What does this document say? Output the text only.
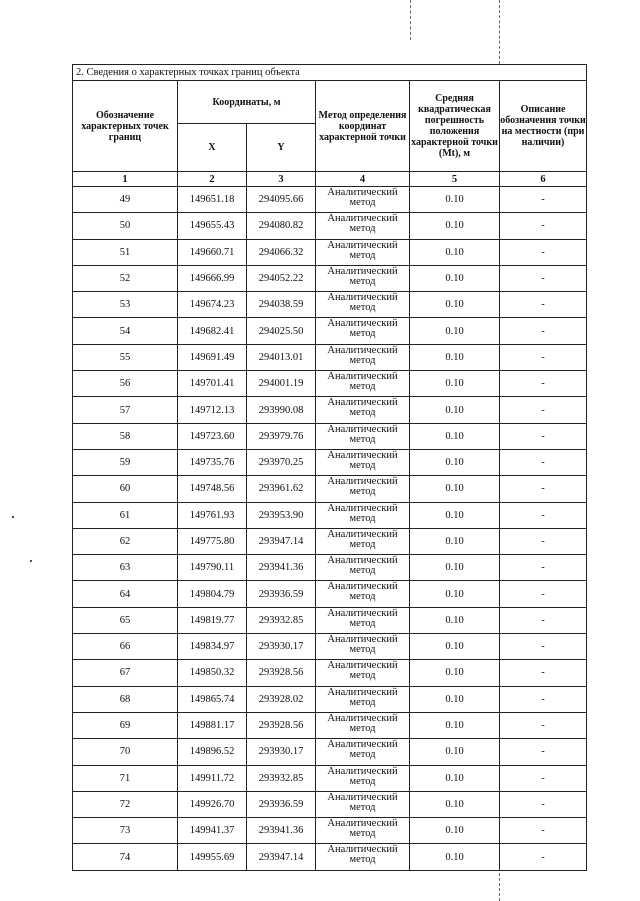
2. Сведения о характерных точках границ объекта					
Обозначение характерных точек границ	Координаты, м		Метод определения координат характерной точки	Средняя квадратическая погрешность положения характерной точки (Mt), м	Описание обозначения точки на местности (при наличии)
	X	Y			
1	2	3	4	5	6
49	149651.18	294095.66	Аналитический метод	0.10	-
50	149655.43	294080.82	Аналитический метод	0.10	-
51	149660.71	294066.32	Аналитический метод	0.10	-
52	149666.99	294052.22	Аналитический метод	0.10	-
53	149674.23	294038.59	Аналитический метод	0.10	-
54	149682.41	294025.50	Аналитический метод	0.10	-
55	149691.49	294013.01	Аналитический метод	0.10	-
56	149701.41	294001.19	Аналитический метод	0.10	-
57	149712.13	293990.08	Аналитический метод	0.10	-
58	149723.60	293979.76	Аналитический метод	0.10	-
59	149735.76	293970.25	Аналитический метод	0.10	-
60	149748.56	293961.62	Аналитический метод	0.10	-
61	149761.93	293953.90	Аналитический метод	0.10	-
62	149775.80	293947.14	Аналитический метод	0.10	-
63	149790.11	293941.36	Аналитический метод	0.10	-
64	149804.79	293936.59	Аналитический метод	0.10	-
65	149819.77	293932.85	Аналитический метод	0.10	-
66	149834.97	293930.17	Аналитический метод	0.10	-
67	149850.32	293928.56	Аналитический метод	0.10	-
68	149865.74	293928.02	Аналитический метод	0.10	-
69	149881.17	293928.56	Аналитический метод	0.10	-
70	149896.52	293930.17	Аналитический метод	0.10	-
71	149911.72	293932.85	Аналитический метод	0.10	-
72	149926.70	293936.59	Аналитический метод	0.10	-
73	149941.37	293941.36	Аналитический метод	0.10	-
74	149955.69	293947.14	Аналитический метод	0.10	-
